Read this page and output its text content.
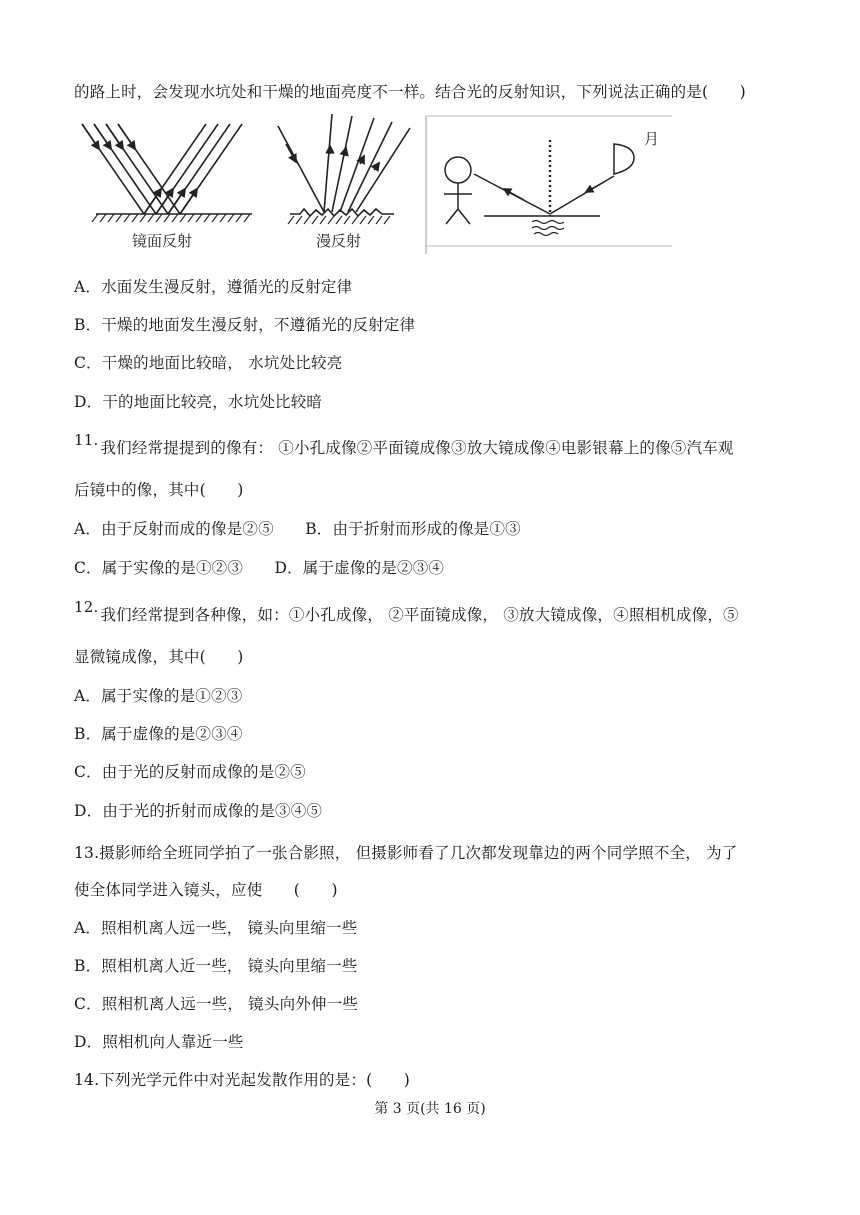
的路上时，会发现水坑处和干燥的地面亮度不一样。结合光的反射知识，下列说法正确的是(　　)
镜面反射	漫反射
月
A．水面发生漫反射，遵循光的反射定律
B．干燥的地面发生漫反射，不遵循光的反射定律
C．干燥的地面比较暗， 水坑处比较亮
D．干的地面比较亮，水坑处比较暗
11. 我们经常提提到的像有： ①小孔成像②平面镜成像③放大镜成像④电影银幕上的像⑤汽车观
后镜中的像，其中(　　)
A．由于反射而成的像是②⑤　　B．由于折射而形成的像是①③
C．属于实像的是①②③　　D．属于虚像的是②③④
12. 我们经常提到各种像，如：①小孔成像， ②平面镜成像， ③放大镜成像，④照相机成像，⑤
显微镜成像，其中(　　)
A．属于实像的是①②③
B．属于虚像的是②③④
C．由于光的反射而成像的是②⑤
D．由于光的折射而成像的是③④⑤
13.摄影师给全班同学拍了一张合影照， 但摄影师看了几次都发现靠边的两个同学照不全， 为了
使全体同学进入镜头，应使　　(　　)
A．照相机离人远一些， 镜头向里缩一些
B．照相机离人近一些， 镜头向里缩一些
C．照相机离人远一些， 镜头向外伸一些
D．照相机向人靠近一些
14.下列光学元件中对光起发散作用的是：(　　)
第 3 页(共 16 页)
